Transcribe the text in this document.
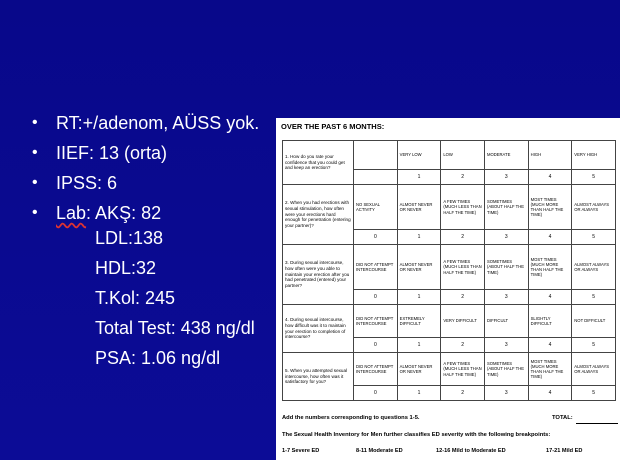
• RT:+/adenom, AÜSS yok.
• IIEF: 13 (orta)
• IPSS: 6
• Lab: AKŞ: 82
LDL:138
HDL:32
T.Kol: 245
Total Test: 438 ng/dl
PSA: 1.06 ng/dl
OVER THE PAST 6 MONTHS:
1. How do you rate your confidence that you could get and keep an erection?		VERY LOW	LOW	MODERATE	HIGH	VERY HIGH
		1	2	3	4	5
2. When you had erections with sexual stimulation, how often were your erections hard enough for penetration (entering your partner)?	NO SEXUAL ACTIVITY	ALMOST NEVER OR NEVER	A FEW TIMES (MUCH LESS THAN HALF THE TIME)	SOMETIMES (ABOUT HALF THE TIME)	MOST TIMES (MUCH MORE THAN HALF THE TIME)	ALMOST ALWAYS OR ALWAYS
	0	1	2	3	4	5
3. During sexual intercourse, how often were you able to maintain your erection after you had penetrated (entered) your partner?	DID NOT ATTEMPT INTERCOURSE	ALMOST NEVER OR NEVER	A FEW TIMES (MUCH LESS THAN HALF THE TIME)	SOMETIMES (ABOUT HALF THE TIME)	MOST TIMES (MUCH MORE THAN HALF THE TIME)	ALMOST ALWAYS OR ALWAYS
	0	1	2	3	4	5
4. During sexual intercourse, how difficult was it to maintain your erection to completion of intercourse?	DID NOT ATTEMPT INTERCOURSE	EXTREMELY DIFFICULT	VERY DIFFICULT	DIFFICULT	SLIGHTLY DIFFICULT	NOT DIFFICULT
	0	1	2	3	4	5
5. When you attempted sexual intercourse, how often was it satisfactory for you?	DID NOT ATTEMPT INTERCOURSE	ALMOST NEVER OR NEVER	A FEW TIMES (MUCH LESS THAN HALF THE TIME)	SOMETIMES (ABOUT HALF THE TIME)	MOST TIMES (MUCH MORE THAN HALF THE TIME)	ALMOST ALWAYS OR ALWAYS
	0	1	2	3	4	5
Add the numbers corresponding to questions 1-5.	TOTAL:
The Sexual Health Inventory for Men further classifies ED severity with the following breakpoints:
1-7 Severe ED	8-11 Moderate ED	12-16 Mild to Moderate ED	17-21 Mild ED
